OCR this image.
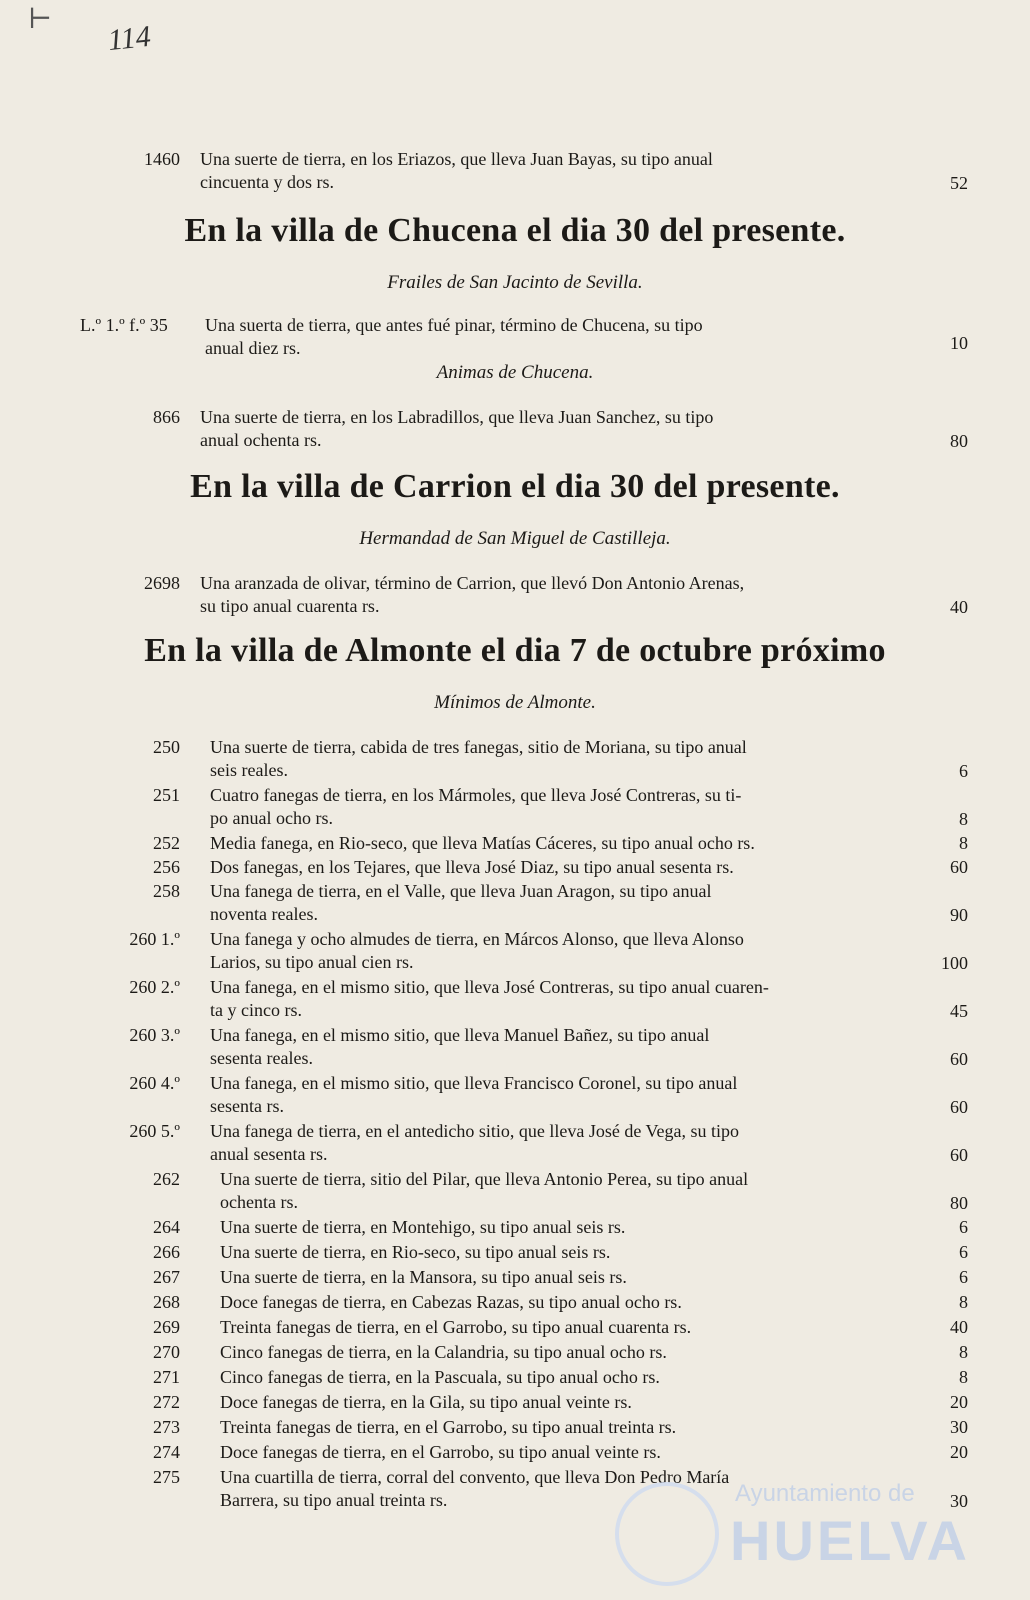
⊢
114
1460 Una suerte de tierra, en los Eriazos, que lleva Juan Bayas, su tipo anual
cincuenta y dos rs.	52
En la villa de Chucena el dia 30 del presente.
Frailes de San Jacinto de Sevilla.
L.º 1.º f.º 35	Una suerta de tierra, que antes fué pinar, término de Chucena, su tipo
anual diez rs.	10
Animas de Chucena.
866 Una suerte de tierra, en los Labradillos, que lleva Juan Sanchez, su tipo
anual ochenta rs.	80
En la villa de Carrion el dia 30 del presente.
Hermandad de San Miguel de Castilleja.
2698 Una aranzada de olivar, término de Carrion, que llevó Don Antonio Arenas,
su tipo anual cuarenta rs.	40
En la villa de Almonte el dia 7 de octubre próximo
Mínimos de Almonte.
250 Una suerte de tierra, cabida de tres fanegas, sitio de Moriana, su tipo anual
seis reales.	6
251 Cuatro fanegas de tierra, en los Mármoles, que lleva José Contreras, su ti-
po anual ocho rs.	8
252 Media fanega, en Rio-seco, que lleva Matías Cáceres, su tipo anual ocho rs.	8
256 Dos fanegas, en los Tejares, que lleva José Diaz, su tipo anual sesenta rs.	60
258 Una fanega de tierra, en el Valle, que lleva Juan Aragon, su tipo anual
noventa reales.	90
260 1.º Una fanega y ocho almudes de tierra, en Márcos Alonso, que lleva Alonso
Larios, su tipo anual cien rs.	100
260 2.º Una fanega, en el mismo sitio, que lleva José Contreras, su tipo anual cuaren-
ta y cinco rs.	45
260 3.º Una fanega, en el mismo sitio, que lleva Manuel Bañez, su tipo anual
sesenta reales.	60
260 4.º Una fanega, en el mismo sitio, que lleva Francisco Coronel, su tipo anual
sesenta rs.	60
260 5.º Una fanega de tierra, en el antedicho sitio, que lleva José de Vega, su tipo
anual sesenta rs.	60
262 Una suerte de tierra, sitio del Pilar, que lleva Antonio Perea, su tipo anual
ochenta rs.	80
264 Una suerte de tierra, en Montehigo, su tipo anual seis rs.	6
266 Una suerte de tierra, en Rio-seco, su tipo anual seis rs.	6
267 Una suerte de tierra, en la Mansora, su tipo anual seis rs.	6
268 Doce fanegas de tierra, en Cabezas Razas, su tipo anual ocho rs.	8
269 Treinta fanegas de tierra, en el Garrobo, su tipo anual cuarenta rs.	40
270 Cinco fanegas de tierra, en la Calandria, su tipo anual ocho rs.	8
271 Cinco fanegas de tierra, en la Pascuala, su tipo anual ocho rs.	8
272 Doce fanegas de tierra, en la Gila, su tipo anual veinte rs.	20
273 Treinta fanegas de tierra, en el Garrobo, su tipo anual treinta rs.	30
274 Doce fanegas de tierra, en el Garrobo, su tipo anual veinte rs.	20
275 Una cuartilla de tierra, corral del convento, que lleva Don Pedro María
Barrera, su tipo anual treinta rs.	30
Ayuntamiento de
HUELVA
